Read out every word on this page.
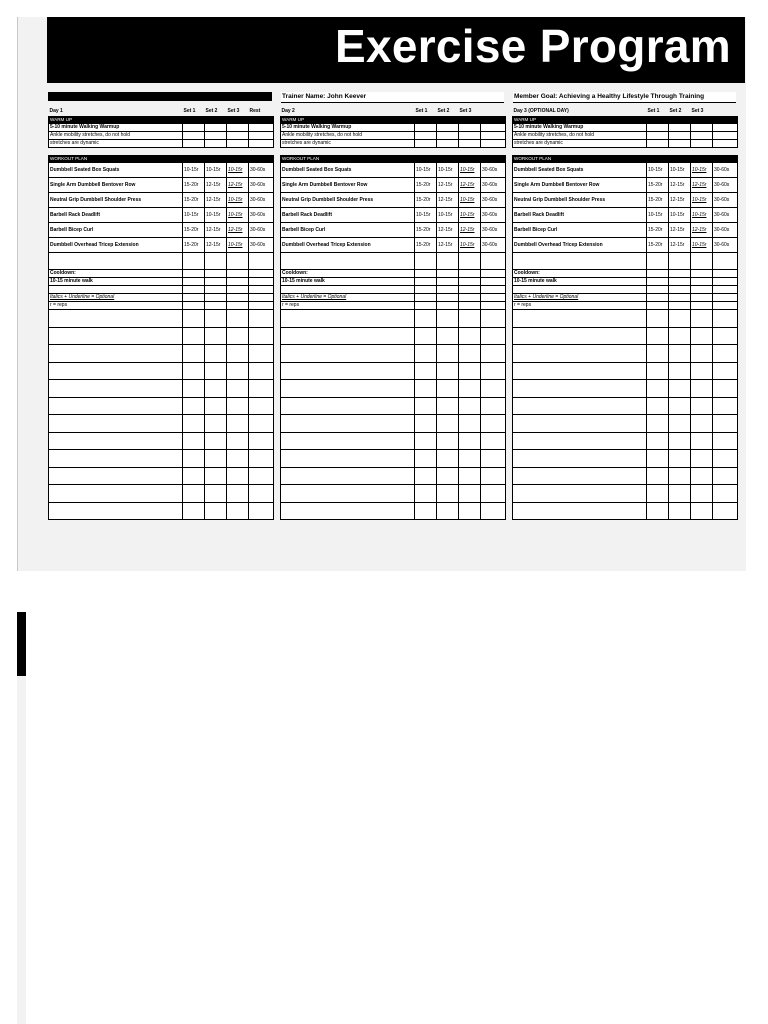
Exercise Program
Trainer Name: John Keever	Member Goal: Achieving a Healthy Lifestyle Through Training
Day 1	Set 1	Set 2	Set 3	Rest
WARM UP				
5-10 minute Walking Warmup				
Ankle mobility stretches, do not hold				
stretches are dynamic				

WORKOUT PLAN				
Dumbbell Seated Box Squats	10-15r	10-15r	10-15r	30-60s
Single Arm Dumbbell Bentover Row	15-20r	12-15r	12-15r	30-60s
Neutral Grip Dumbbell Shoulder Press	15-20r	12-15r	10-15r	30-60s
Barbell Rack Deadlift	10-15r	10-15r	10-15r	30-60s
Barbell Bicep Curl	15-20r	12-15r	12-15r	30-60s
Dumbbell Overhead Tricep Extension	15-20r	12-15r	10-15r	30-60s

Cooldown:				
10-15 minute walk				

Italics + Underline = Optional				
r = reps				

Day 2	Set 1	Set 2	Set 3	
WARM UP				
5-10 minute Walking Warmup				
Ankle mobility stretches, do not hold				
stretches are dynamic				

WORKOUT PLAN				
Dumbbell Seated Box Squats	10-15r	10-15r	10-15r	30-60s
Single Arm Dumbbell Bentover Row	15-20r	12-15r	12-15r	30-60s
Neutral Grip Dumbbell Shoulder Press	15-20r	12-15r	10-15r	30-60s
Barbell Rack Deadlift	10-15r	10-15r	10-15r	30-60s
Barbell Bicep Curl	15-20r	12-15r	12-15r	30-60s
Dumbbell Overhead Tricep Extension	15-20r	12-15r	10-15r	30-60s

Cooldown:				
10-15 minute walk				

Italics + Underline = Optional				
r = reps				

Day 3 (OPTIONAL DAY)	Set 1	Set 2	Set 3	
WARM UP				
5-10 minute Walking Warmup				
Ankle mobility stretches, do not hold				
stretches are dynamic				

WORKOUT PLAN				
Dumbbell Seated Box Squats	10-15r	10-15r	10-15r	30-60s
Single Arm Dumbbell Bentover Row	15-20r	12-15r	12-15r	30-60s
Neutral Grip Dumbbell Shoulder Press	15-20r	12-15r	10-15r	30-60s
Barbell Rack Deadlift	10-15r	10-15r	10-15r	30-60s
Barbell Bicep Curl	15-20r	12-15r	12-15r	30-60s
Dumbbell Overhead Tricep Extension	15-20r	12-15r	10-15r	30-60s

Cooldown:				
10-15 minute walk				

Italics + Underline = Optional				
r = reps				
